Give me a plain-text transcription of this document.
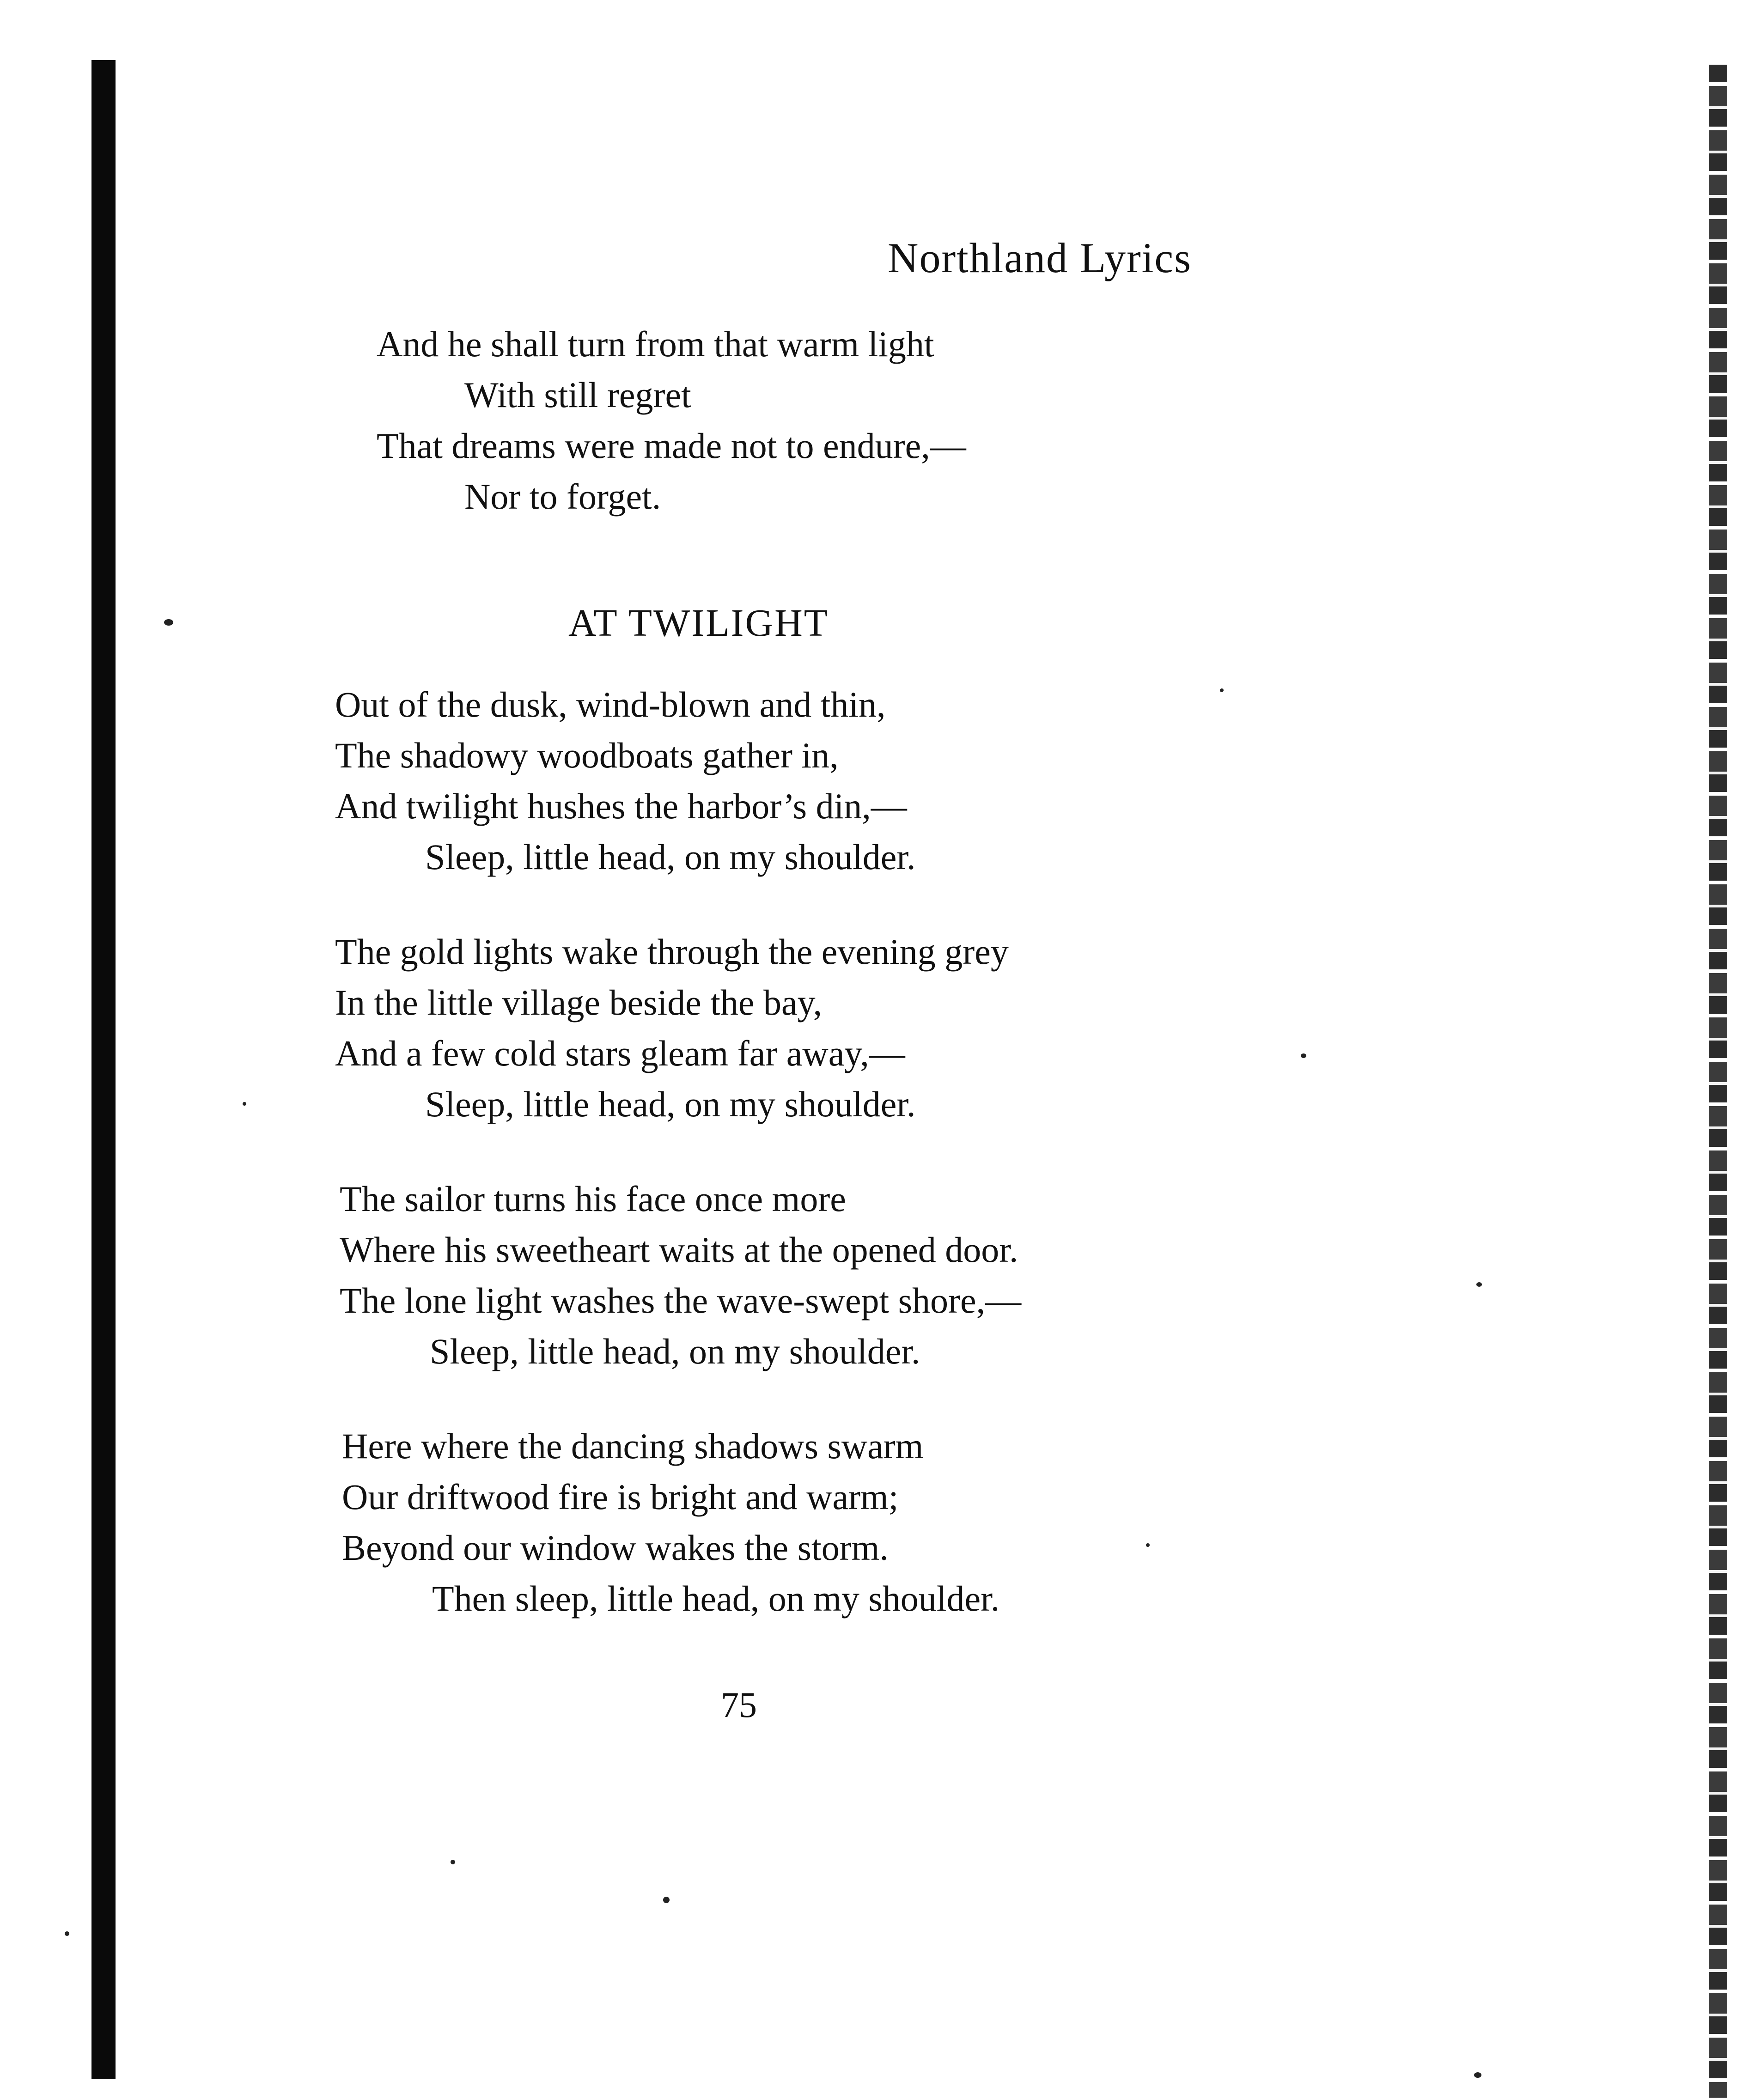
Northland Lyrics
And he shall turn from that warm light
With still regret
That dreams were made not to endure,—
Nor to forget.
AT TWILIGHT
Out of the dusk, wind-blown and thin,
The shadowy woodboats gather in,
And twilight hushes the harbor’s din,—
Sleep, little head, on my shoulder.
The gold lights wake through the evening grey
In the little village beside the bay,
And a few cold stars gleam far away,—
Sleep, little head, on my shoulder.
The sailor turns his face once more
Where his sweetheart waits at the opened door.
The lone light washes the wave-swept shore,—
Sleep, little head, on my shoulder.
Here where the dancing shadows swarm
Our driftwood fire is bright and warm;
Beyond our window wakes the storm.
Then sleep, little head, on my shoulder.
75
